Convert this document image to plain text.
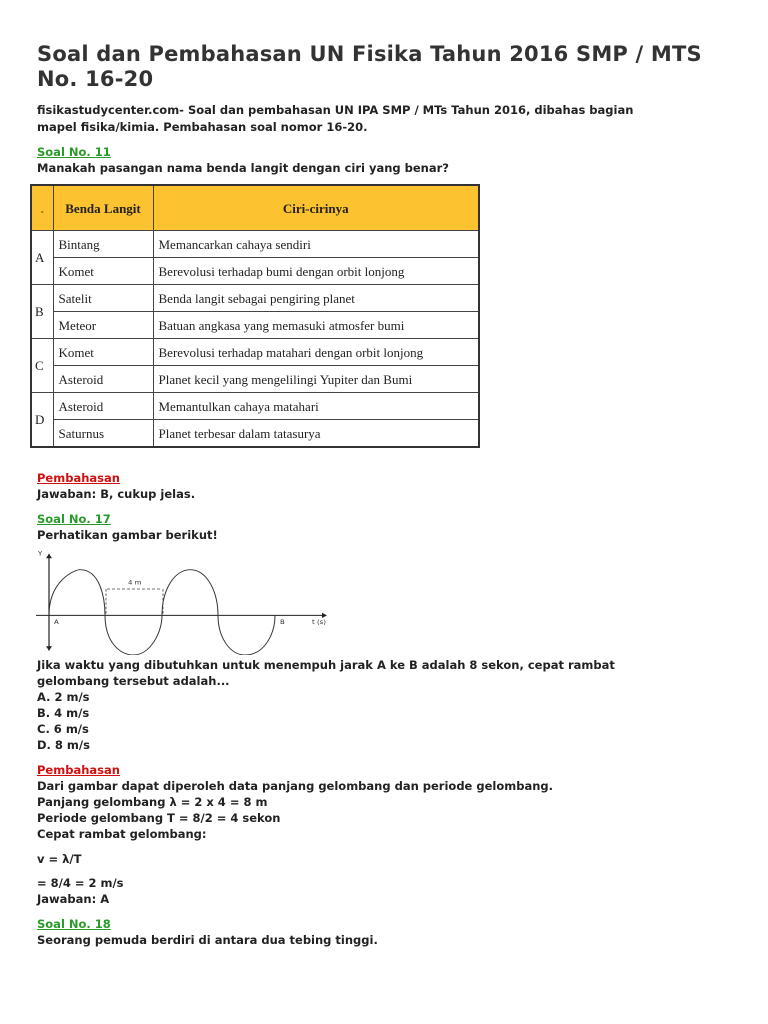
Soal dan Pembahasan UN Fisika Tahun 2016 SMP / MTS No. 16-20
fisikastudycenter.com- Soal dan pembahasan UN IPA SMP / MTs Tahun 2016, dibahas bagian
mapel fisika/kimia. Pembahasan soal nomor 16-20.
Soal No. 11
Manakah pasangan nama benda langit dengan ciri yang benar?
.	Benda Langit	Ciri-cirinya
A	Bintang	Memancarkan cahaya sendiri
	Komet	Berevolusi terhadap bumi dengan orbit lonjong
B	Satelit	Benda langit sebagai pengiring planet
	Meteor	Batuan angkasa yang memasuki atmosfer bumi
C	Komet	Berevolusi terhadap matahari dengan orbit lonjong
	Asteroid	Planet kecil yang mengelilingi Yupiter dan Bumi
D	Asteroid	Memantulkan cahaya matahari
	Saturnus	Planet terbesar dalam tatasurya
Pembahasan
Jawaban: B, cukup jelas.
Soal No. 17
Perhatikan gambar berikut!
Y
t (s)
A	B
4 m
Jika waktu yang dibutuhkan untuk menempuh jarak A ke B adalah 8 sekon, cepat rambat
gelombang tersebut adalah...
A. 2 m/s
B. 4 m/s
C. 6 m/s
D. 8 m/s
Pembahasan
Dari gambar dapat diperoleh data panjang gelombang dan periode gelombang.
Panjang gelombang λ = 2 x 4 = 8 m
Periode gelombang T = 8/2 = 4 sekon
Cepat rambat gelombang:
v = λ/T
= 8/4 = 2 m/s
Jawaban: A
Soal No. 18
Seorang pemuda berdiri di antara dua tebing tinggi.
